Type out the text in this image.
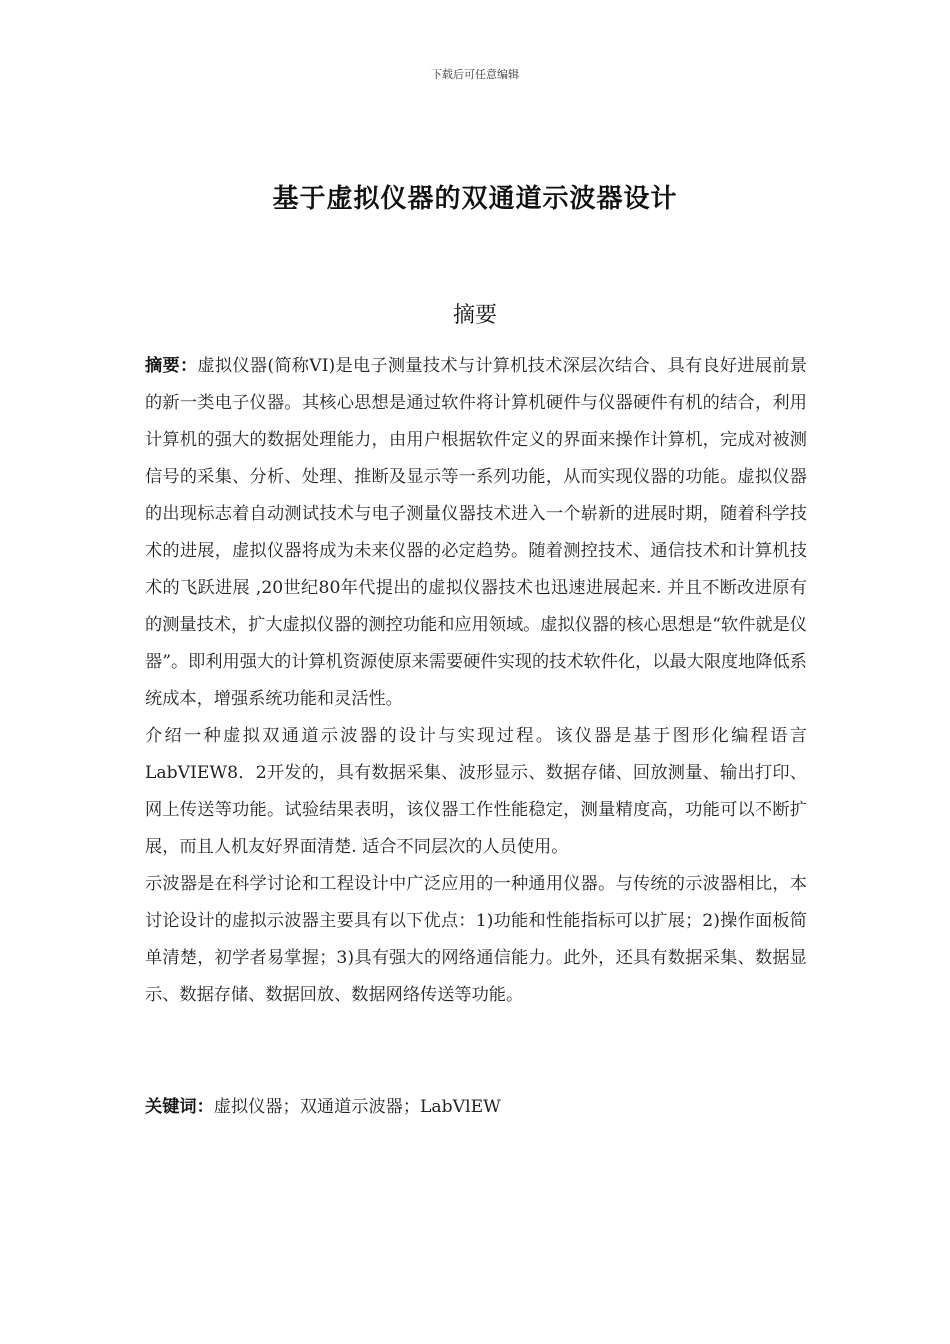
下载后可任意编辑
基于虚拟仪器的双通道示波器设计
摘要

摘要：虚拟仪器(简称VI)是电子测量技术与计算机技术深层次结合、具有良好进展前景的新一类电子仪器。其核心思想是通过软件将计算机硬件与仪器硬件有机的结合，利用计算机的强大的数据处理能力，由用户根据软件定义的界面来操作计算机，完成对被测信号的采集、分析、处理、推断及显示等一系列功能，从而实现仪器的功能。虚拟仪器的出现标志着自动测试技术与电子测量仪器技术进入一个崭新的进展时期，随着科学技术的进展，虚拟仪器将成为未来仪器的必定趋势。随着测控技术、通信技术和计算机技术的飞跃进展 ,20世纪80年代提出的虚拟仪器技术也迅速进展起来. 并且不断改进原有的测量技术，扩大虚拟仪器的测控功能和应用领域。虚拟仪器的核心思想是“软件就是仪器”。即利用强大的计算机资源使原来需要硬件实现的技术软件化，以最大限度地降低系统成本，增强系统功能和灵活性。

介绍一种虚拟双通道示波器的设计与实现过程。该仪器是基于图形化编程语言LabVIEW8．2开发的，具有数据采集、波形显示、数据存储、回放测量、输出打印、网上传送等功能。试验结果表明，该仪器工作性能稳定，测量精度高，功能可以不断扩展，而且人机友好界面清楚. 适合不同层次的人员使用。

示波器是在科学讨论和工程设计中广泛应用的一种通用仪器。与传统的示波器相比，本讨论设计的虚拟示波器主要具有以下优点：1)功能和性能指标可以扩展；2)操作面板简单清楚，初学者易掌握；3)具有强大的网络通信能力。此外，还具有数据采集、数据显示、数据存储、数据回放、数据网络传送等功能。

关键词：虚拟仪器；双通道示波器；LabVlEW
